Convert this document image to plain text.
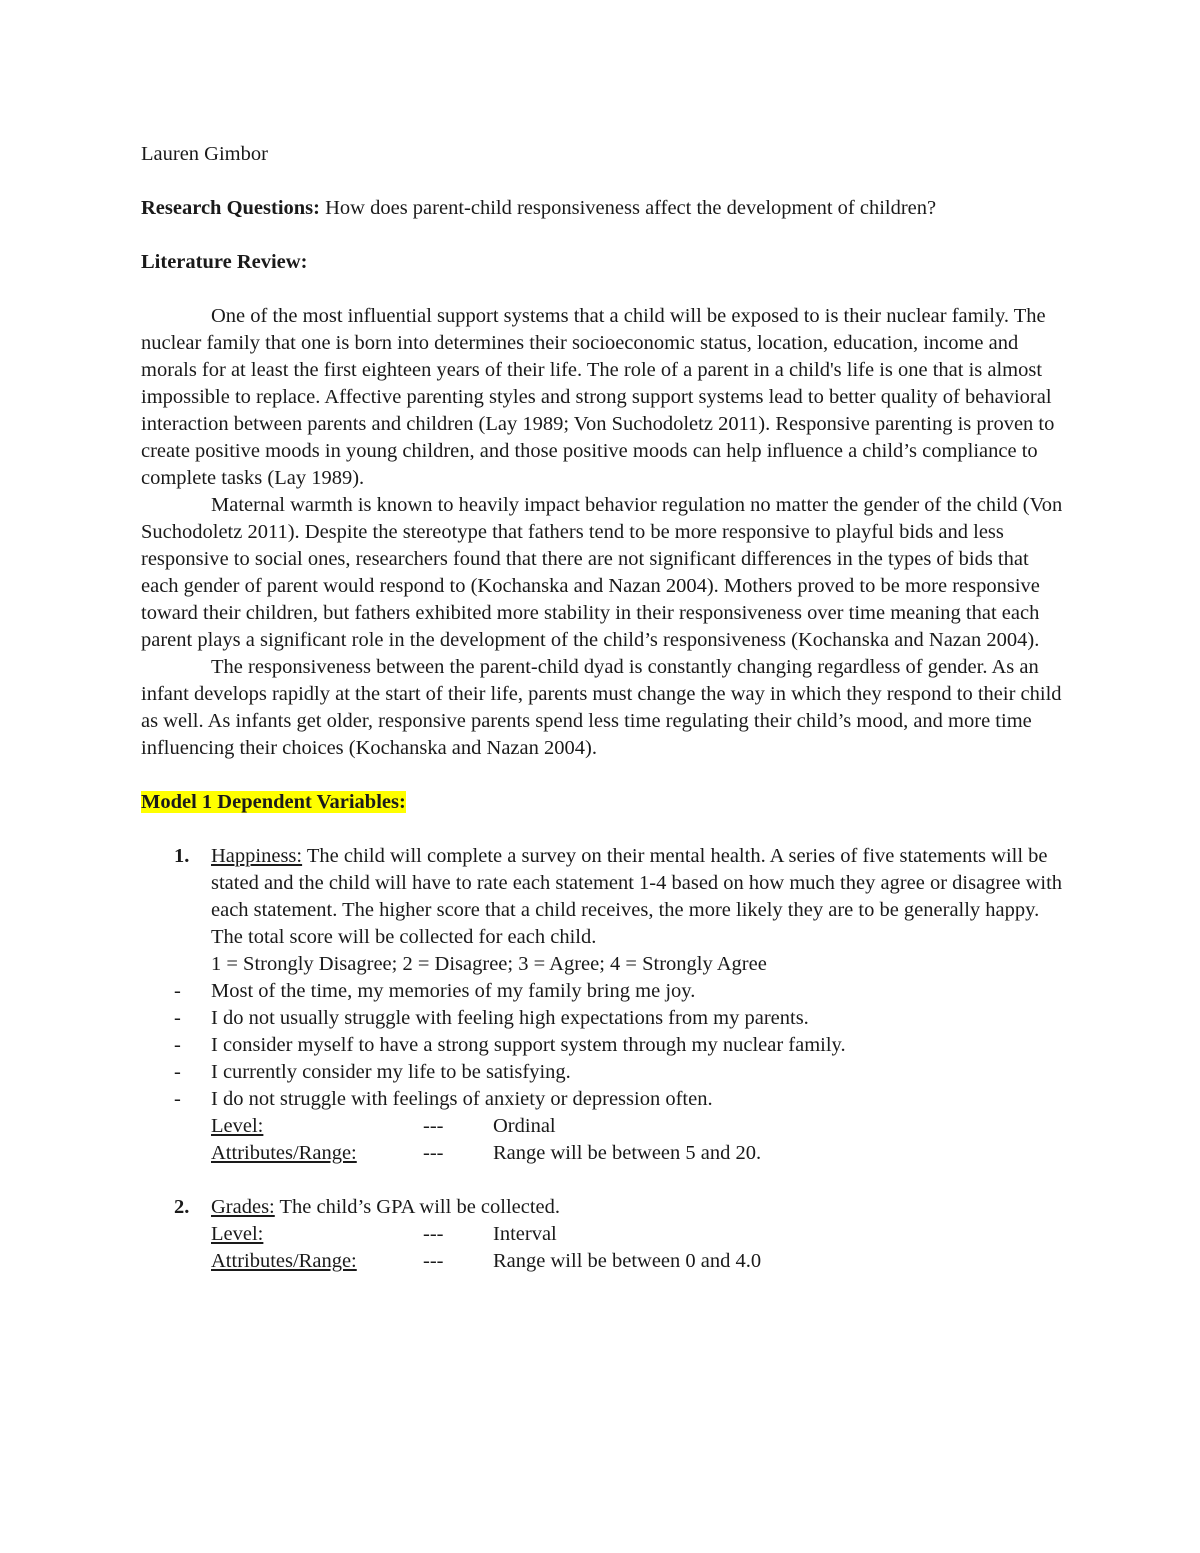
Lauren Gimbor

Research Questions: How does parent-child responsiveness affect the development of children?

Literature Review:

One of the most influential support systems that a child will be exposed to is their nuclear family. The nuclear family that one is born into determines their socioeconomic status, location, education, income and morals for at least the first eighteen years of their life. The role of a parent in a child's life is one that is almost impossible to replace. Affective parenting styles and strong support systems lead to better quality of behavioral interaction between parents and children (Lay 1989; Von Suchodoletz 2011). Responsive parenting is proven to create positive moods in young children, and those positive moods can help influence a child’s compliance to complete tasks (Lay 1989).

Maternal warmth is known to heavily impact behavior regulation no matter the gender of the child (Von Suchodoletz 2011). Despite the stereotype that fathers tend to be more responsive to playful bids and less responsive to social ones, researchers found that there are not significant differences in the types of bids that each gender of parent would respond to (Kochanska and Nazan 2004). Mothers proved to be more responsive toward their children, but fathers exhibited more stability in their responsiveness over time meaning that each parent plays a significant role in the development of the child’s responsiveness (Kochanska and Nazan 2004).

The responsiveness between the parent-child dyad is constantly changing regardless of gender. As an infant develops rapidly at the start of their life, parents must change the way in which they respond to their child as well. As infants get older, responsive parents spend less time regulating their child’s mood, and more time influencing their choices (Kochanska and Nazan 2004).

Model 1 Dependent Variables:

1. Happiness: The child will complete a survey on their mental health. A series of five statements will be stated and the child will have to rate each statement 1-4 based on how much they agree or disagree with each statement. The higher score that a child receives, the more likely they are to be generally happy. The total score will be collected for each child.
1 = Strongly Disagree; 2 = Disagree; 3 = Agree; 4 = Strongly Agree
- Most of the time, my memories of my family bring me joy.
- I do not usually struggle with feeling high expectations from my parents.
- I consider myself to have a strong support system through my nuclear family.
- I currently consider my life to be satisfying.
- I do not struggle with feelings of anxiety or depression often.
Level:	---	Ordinal
Attributes/Range:	---	Range will be between 5 and 20.
2. Grades: The child’s GPA will be collected.
Level:	---	Interval
Attributes/Range:	---	Range will be between 0 and 4.0
